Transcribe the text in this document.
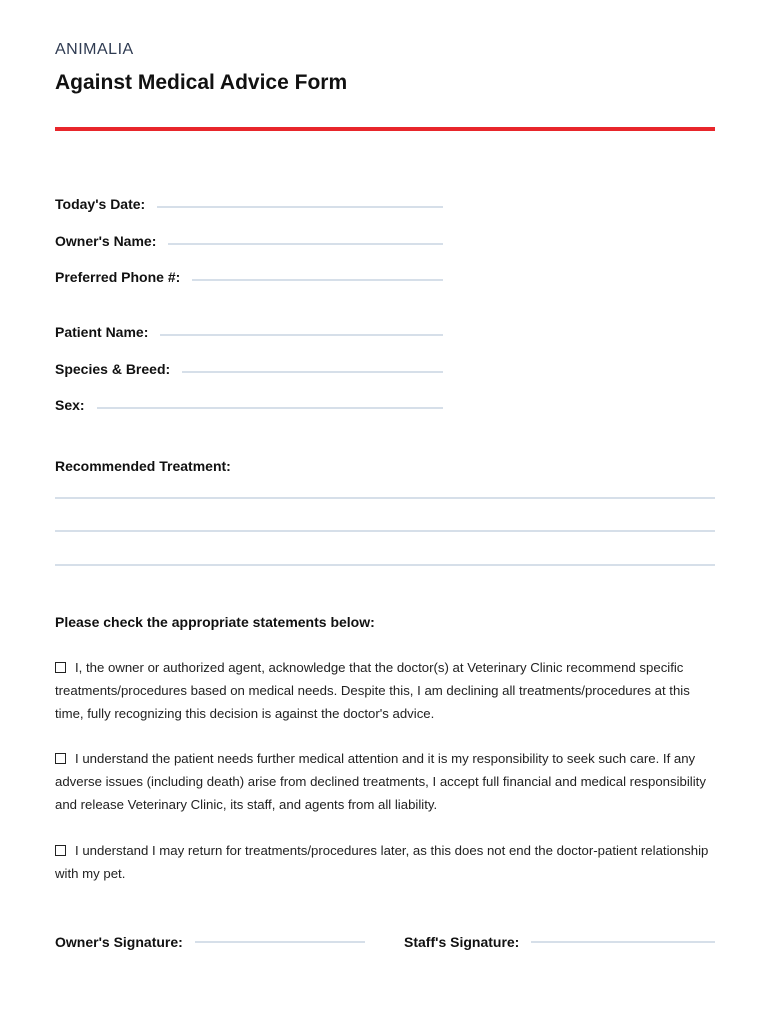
ANIMALIA
Against Medical Advice Form
Today's Date:
Owner's Name:
Preferred Phone #:
Patient Name:
Species & Breed:
Sex:
Recommended Treatment:
Please check the appropriate statements below:
I, the owner or authorized agent, acknowledge that the doctor(s) at Veterinary Clinic recommend specific treatments/procedures based on medical needs. Despite this, I am declining all treatments/procedures at this time, fully recognizing this decision is against the doctor's advice.
I understand the patient needs further medical attention and it is my responsibility to seek such care. If any adverse issues (including death) arise from declined treatments, I accept full financial and medical responsibility and release Veterinary Clinic, its staff, and agents from all liability.
I understand I may return for treatments/procedures later, as this does not end the doctor-patient relationship with my pet.
Owner's Signature:	Staff's Signature:
